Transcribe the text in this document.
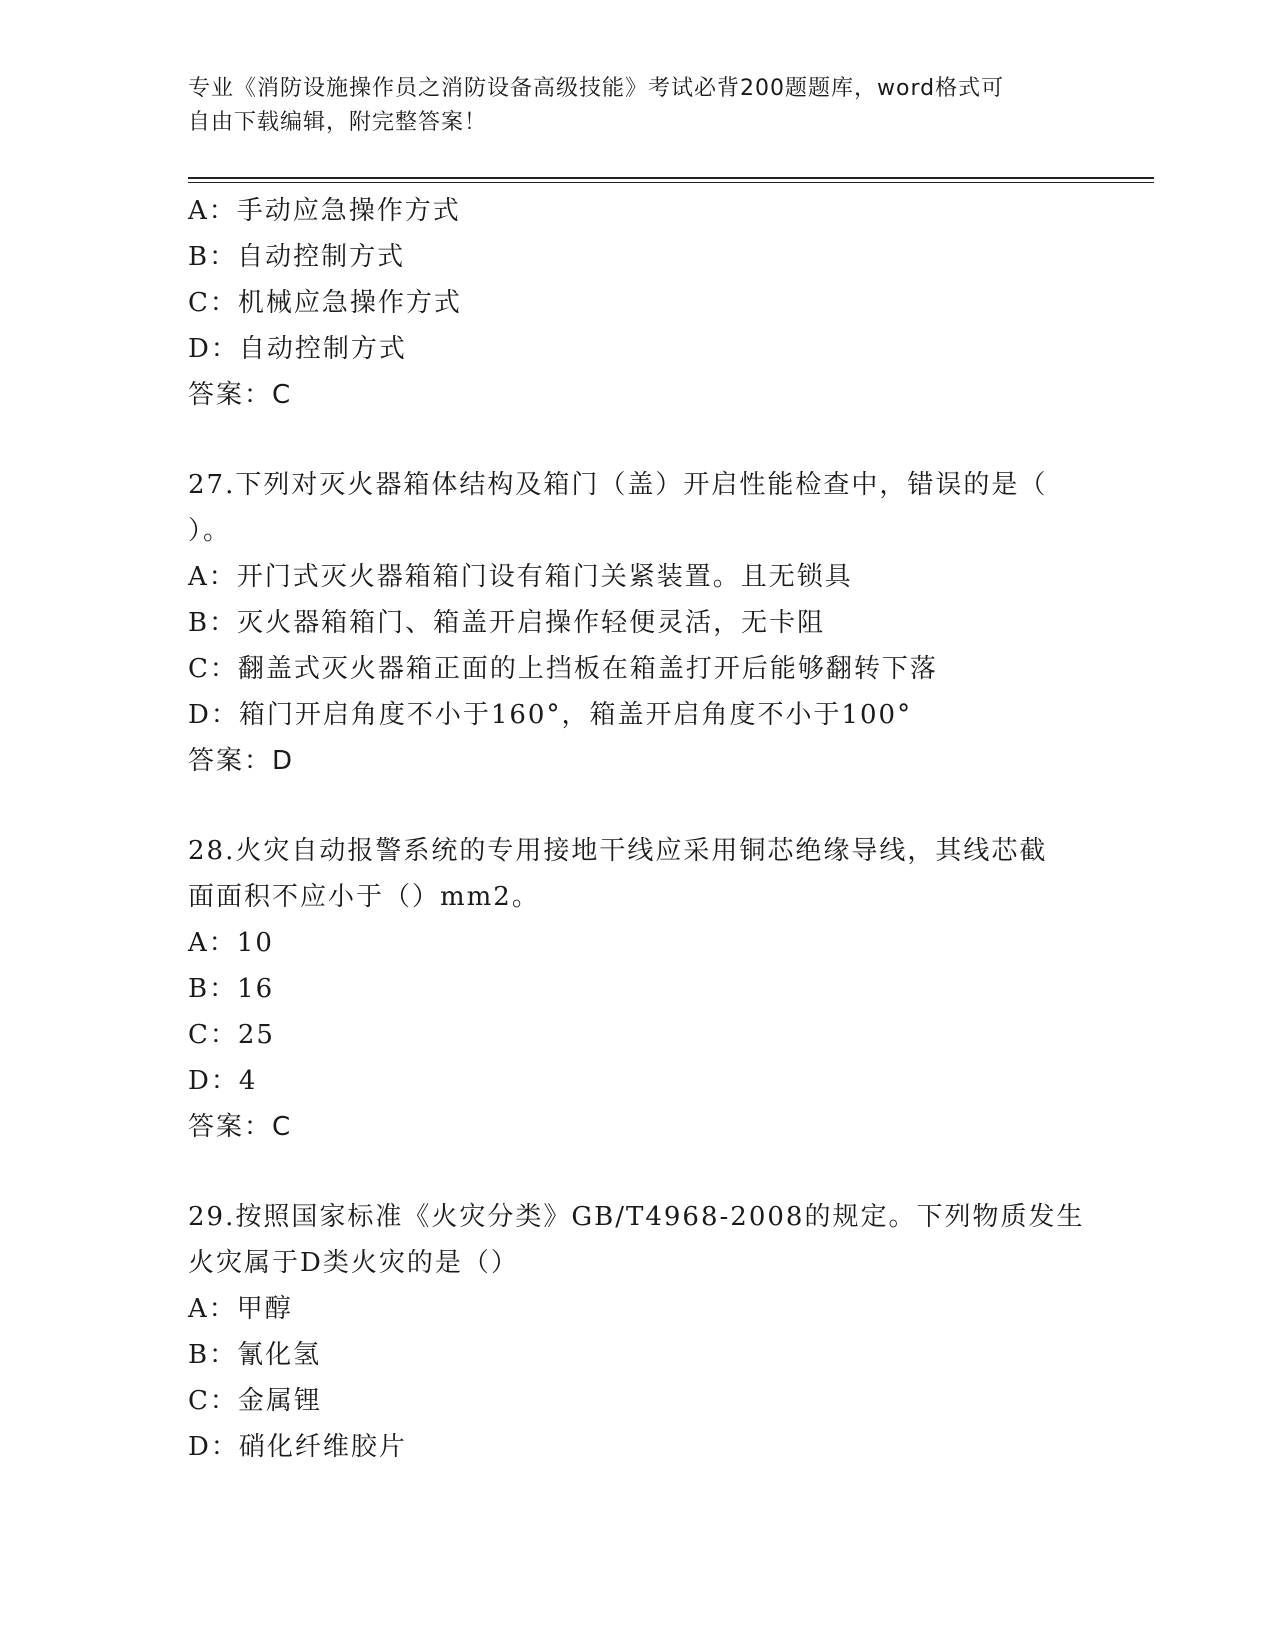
专业《消防设施操作员之消防设备高级技能》考试必背200题题库，word格式可
自由下载编辑，附完整答案！
A：手动应急操作方式
B：自动控制方式
C：机械应急操作方式
D：自动控制方式
答案：C
27.下列对灭火器箱体结构及箱门（盖）开启性能检查中，错误的是（
）。
A：开门式灭火器箱箱门设有箱门关紧装置。且无锁具
B：灭火器箱箱门、箱盖开启操作轻便灵活，无卡阻
C：翻盖式灭火器箱正面的上挡板在箱盖打开后能够翻转下落
D：箱门开启角度不小于160°，箱盖开启角度不小于100°
答案：D
28.火灾自动报警系统的专用接地干线应采用铜芯绝缘导线，其线芯截
面面积不应小于（）mm2。
A：10
B：16
C：25
D：4
答案：C
29.按照国家标准《火灾分类》GB/T4968-2008的规定。下列物质发生
火灾属于D类火灾的是（）
A：甲醇
B：氰化氢
C：金属锂
D：硝化纤维胶片
